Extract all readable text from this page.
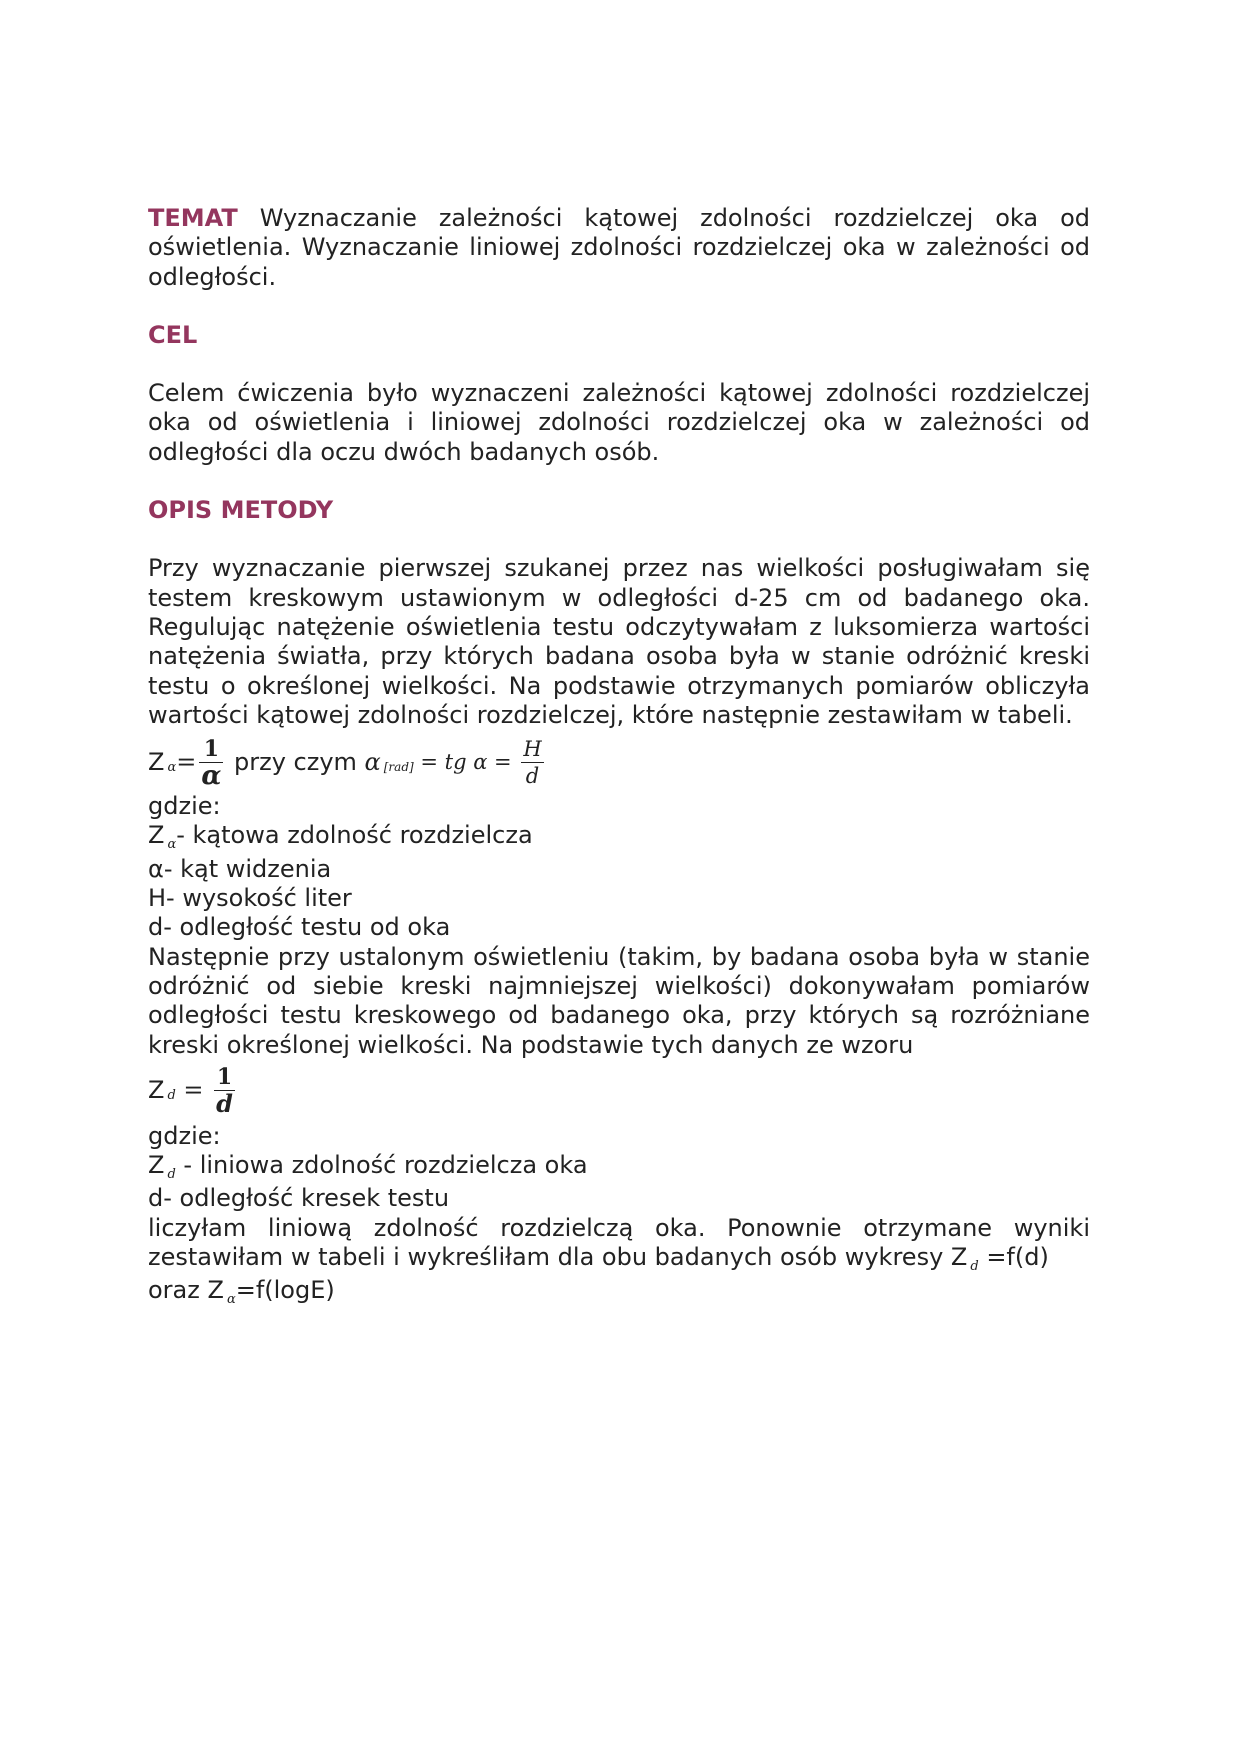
TEMAT Wyznaczanie zależności kątowej zdolności rozdzielczej oka od oświetlenia. Wyznaczanie liniowej zdolności rozdzielczej oka w zależności od odległości.

CEL

Celem ćwiczenia było wyznaczeni zależności kątowej zdolności rozdzielczej oka od oświetlenia i liniowej zdolności rozdzielczej oka w zależności od odległości dla oczu dwóch badanych osób.

OPIS METODY

Przy wyznaczanie pierwszej szukanej przez nas wielkości posługiwałam się testem kreskowym ustawionym w odległości d-25 cm od badanego oka. Regulując natężenie oświetlenia testu odczytywałam z luksomierza wartości natężenia światła, przy których badana osoba była w stanie odróżnić kreski testu o określonej wielkości. Na podstawie otrzymanych pomiarów obliczyła wartości kątowej zdolności rozdzielczej, które następnie zestawiłam w tabeli.

Z $\alpha = \frac{1}{\alpha}$ przy czym α [rad] = tg $\alpha = \frac{H}{d}$
gdzie:
Z $_\alpha$- kątowa zdolność rozdzielcza
α- kąt widzenia
H- wysokość liter
d- odległość testu od oka

Następnie przy ustalonym oświetleniu (takim, by badana osoba była w stanie odróżnić od siebie kreski najmniejszej wielkości) dokonywałam pomiarów odległości testu kreskowego od badanego oka, przy których są rozróżniane kreski określonej wielkości. Na podstawie tych danych ze wzoru

Z $d = \frac{1}{d}$
gdzie:
Z $_d$ - liniowa zdolność rozdzielcza oka
d- odległość kresek testu

liczyłam liniową zdolność rozdzielczą oka. Ponownie otrzymane wyniki zestawiłam w tabeli i wykreśliłam dla obu badanych osób wykresy Z $_d$ =f(d)

oraz Z $_\alpha$=f(logE)
